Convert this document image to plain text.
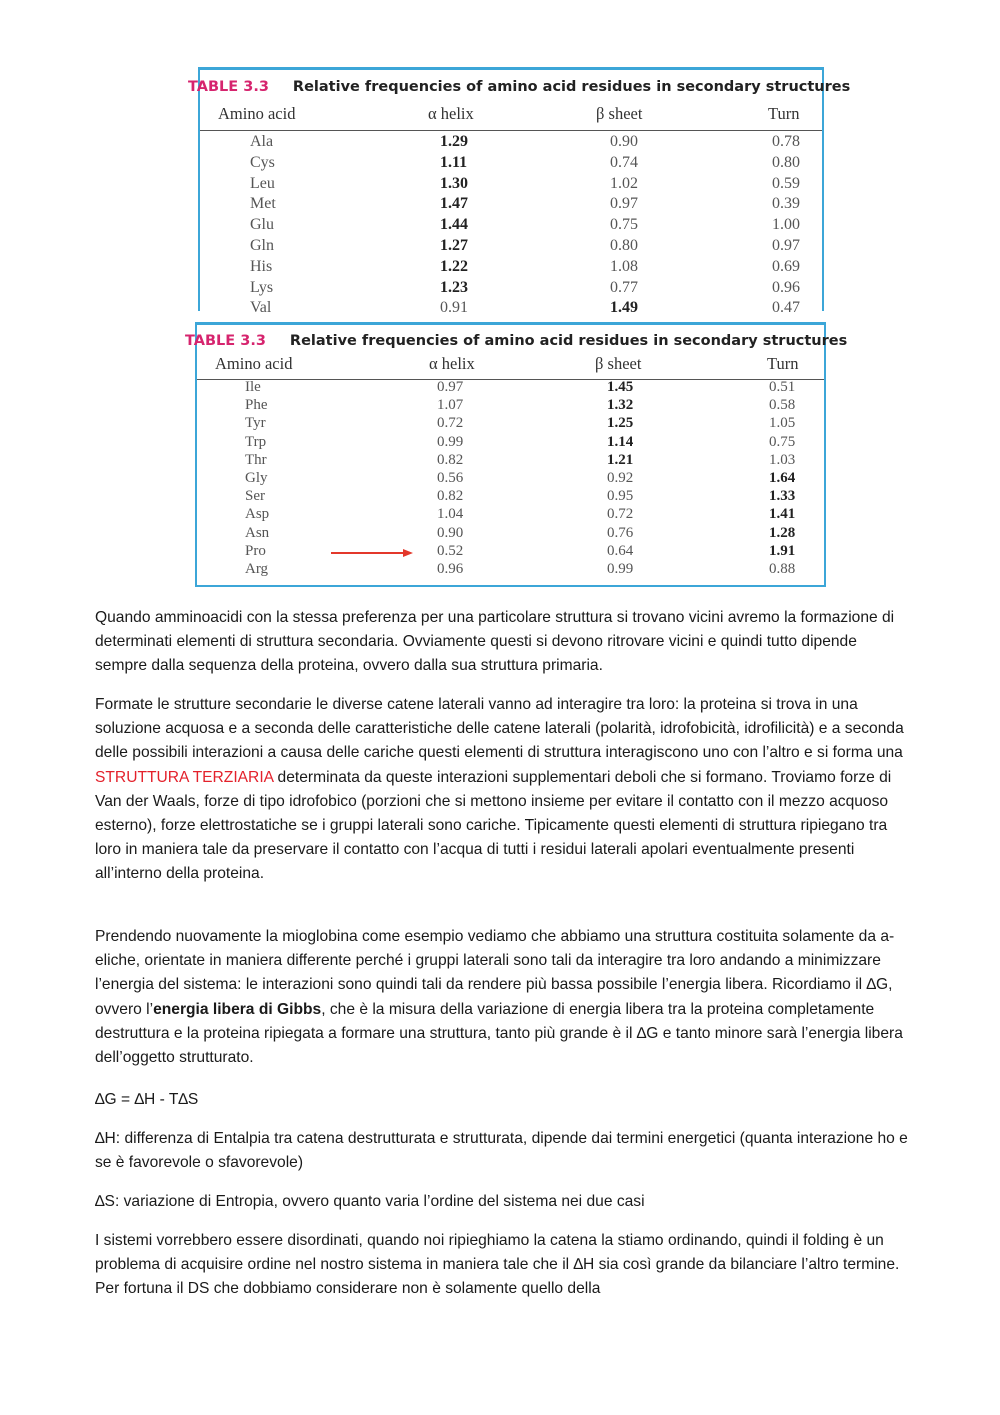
TABLE 3.3 Relative frequencies of amino acid residues in secondary structures
Amino acid	α helix	β sheet	Turn
Ala	1.29	0.90	0.78
Cys	1.11	0.74	0.80
Leu	1.30	1.02	0.59
Met	1.47	0.97	0.39
Glu	1.44	0.75	1.00
Gln	1.27	0.80	0.97
His	1.22	1.08	0.69
Lys	1.23	0.77	0.96
Val	0.91	1.49	0.47
TABLE 3.3 Relative frequencies of amino acid residues in secondary structures
Amino acid	α helix	β sheet	Turn
Ile	0.97	1.45	0.51
Phe	1.07	1.32	0.58
Tyr	0.72	1.25	1.05
Trp	0.99	1.14	0.75
Thr	0.82	1.21	1.03
Gly	0.56	0.92	1.64
Ser	0.82	0.95	1.33
Asp	1.04	0.72	1.41
Asn	0.90	0.76	1.28
Pro	0.52	0.64	1.91
Arg	0.96	0.99	0.88

Quando amminoacidi con la stessa preferenza per una particolare struttura si trovano vicini avremo la formazione di determinati elementi di struttura secondaria. Ovviamente questi si devono ritrovare vicini e quindi tutto dipende sempre dalla sequenza della proteina, ovvero dalla sua struttura primaria.

Formate le strutture secondarie le diverse catene laterali vanno ad interagire tra loro: la proteina si trova in una soluzione acquosa e a seconda delle caratteristiche delle catene laterali (polarità, idrofobicità, idrofilicità) e a seconda delle possibili interazioni a causa delle cariche questi elementi di struttura interagiscono uno con l’altro e si forma una STRUTTURA TERZIARIA determinata da queste interazioni supplementari deboli che si formano. Troviamo forze di Van der Waals, forze di tipo idrofobico (porzioni che si mettono insieme per evitare il contatto con il mezzo acquoso esterno), forze elettrostatiche se i gruppi laterali sono cariche. Tipicamente questi elementi di struttura ripiegano tra loro in maniera tale da preservare il contatto con l’acqua di tutti i residui laterali apolari eventualmente presenti all’interno della proteina.

Prendendo nuovamente la mioglobina come esempio vediamo che abbiamo una struttura costituita solamente da a-eliche, orientate in maniera differente perché i gruppi laterali sono tali da interagire tra loro andando a minimizzare l’energia del sistema: le interazioni sono quindi tali da rendere più bassa possibile l’energia libera. Ricordiamo il ∆G, ovvero l’energia libera di Gibbs, che è la misura della variazione di energia libera tra la proteina completamente destruttura e la proteina ripiegata a formare una struttura, tanto più grande è il ∆G e tanto minore sarà l’energia libera dell’oggetto strutturato.

∆G = ∆H - T∆S

∆H: differenza di Entalpia tra catena destrutturata e strutturata, dipende dai termini energetici (quanta interazione ho e se è favorevole o sfavorevole)

∆S: variazione di Entropia, ovvero quanto varia l’ordine del sistema nei due casi

I sistemi vorrebbero essere disordinati, quando noi ripieghiamo la catena la stiamo ordinando, quindi il folding è un problema di acquisire ordine nel nostro sistema in maniera tale che il ∆H sia così grande da bilanciare l’altro termine. Per fortuna il DS che dobbiamo considerare non è solamente quello della
